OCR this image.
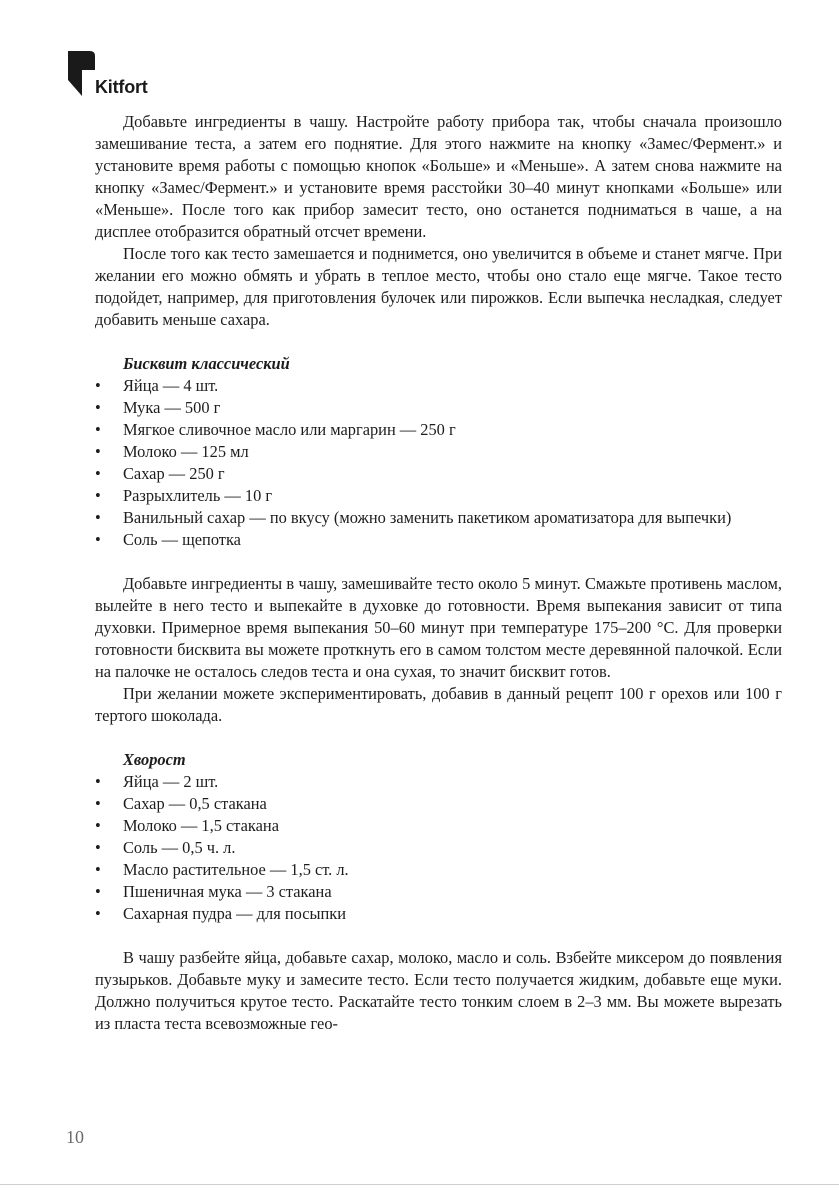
Kitfort

Добавьте ингредиенты в чашу. Настройте работу прибора так, чтобы сначала произошло замешивание теста, а затем его поднятие. Для этого нажмите на кнопку «Замес/Фермент.» и установите время работы с помощью кнопок «Больше» и «Меньше». А затем снова нажмите на кнопку «Замес/Фермент.» и установите время расстойки 30–40 минут кнопками «Больше» или «Меньше». После того как прибор замесит тесто, оно останется подниматься в чаше, а на дисплее отобразится обратный отсчет времени.

После того как тесто замешается и поднимется, оно увеличится в объеме и станет мягче. При желании его можно обмять и убрать в теплое место, чтобы оно стало еще мягче. Такое тесто подойдет, например, для приготовления булочек или пирожков. Если выпечка несладкая, следует добавить меньше сахара.

Бисквит классический

• Яйца — 4 шт.
• Мука — 500 г
• Мягкое сливочное масло или маргарин — 250 г
• Молоко — 125 мл
• Сахар — 250 г
• Разрыхлитель — 10 г
• Ванильный сахар — по вкусу (можно заменить пакетиком ароматизатора для выпечки)
• Соль — щепотка

Добавьте ингредиенты в чашу, замешивайте тесто около 5 минут. Смажьте противень маслом, вылейте в него тесто и выпекайте в духовке до готовности. Время выпекания зависит от типа духовки. Примерное время выпекания 50–60 минут при температуре 175–200 °С. Для проверки готовности бисквита вы можете проткнуть его в самом толстом месте деревянной палочкой. Если на палочке не осталось следов теста и она сухая, то значит бисквит готов.

При желании можете экспериментировать, добавив в данный рецепт 100 г орехов или 100 г тертого шоколада.

Хворост

• Яйца — 2 шт.
• Сахар — 0,5 стакана
• Молоко — 1,5 стакана
• Соль — 0,5 ч. л.
• Масло растительное — 1,5 ст. л.
• Пшеничная мука — 3 стакана
• Сахарная пудра — для посыпки

В чашу разбейте яйца, добавьте сахар, молоко, масло и соль. Взбейте миксером до появления пузырьков. Добавьте муку и замесите тесто. Если тесто получается жидким, добавьте еще муки. Должно получиться крутое тесто. Раскатайте тесто тонким слоем в 2–3 мм. Вы можете вырезать из пласта теста всевозможные гео-

10
